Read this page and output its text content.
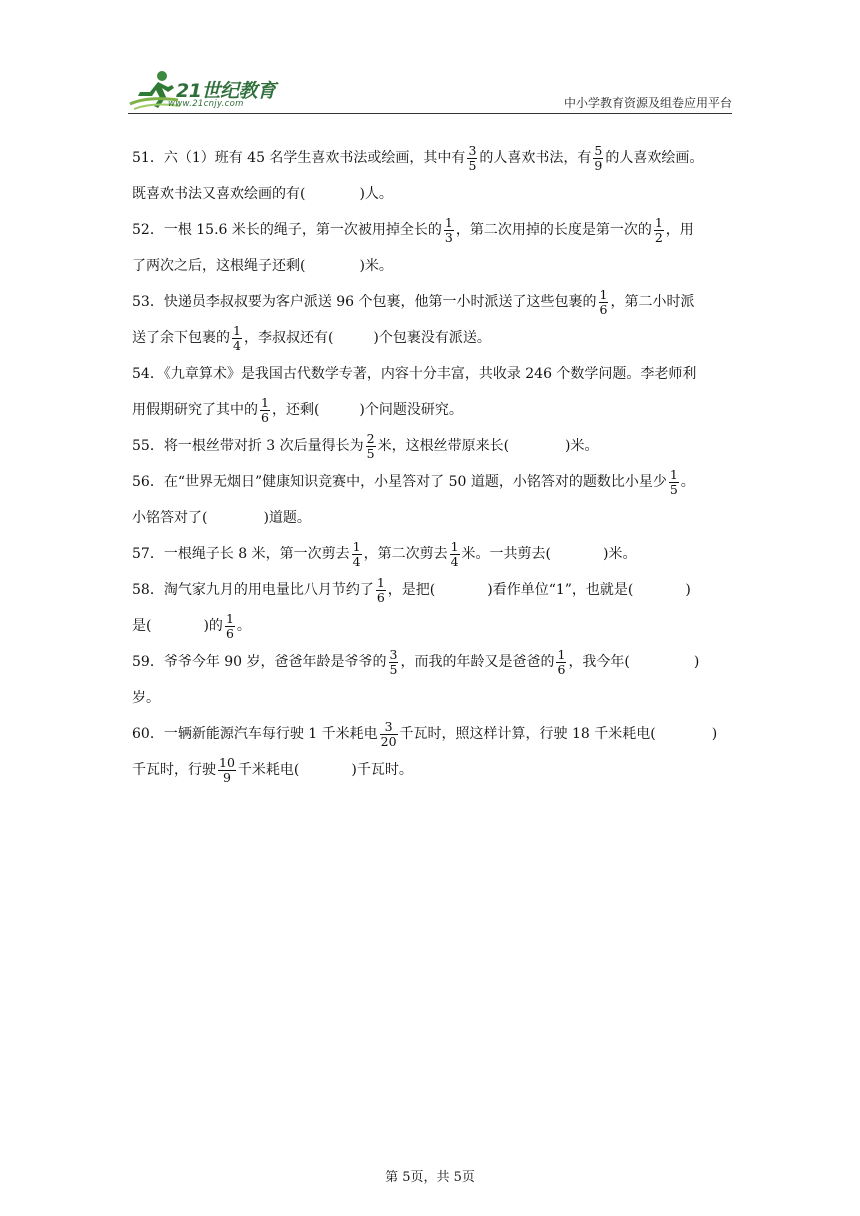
21世纪教育
www.21cnjy.com	中小学教育资源及组卷应用平台
51．六（1）班有 45 名学生喜欢书法或绘画，其中有 $\frac{3}{5}$ 的人喜欢书法，有 $\frac{5}{9}$ 的人喜欢绘画。
既喜欢书法又喜欢绘画的有(	)人。
52．一根 15.6 米长的绳子，第一次被用掉全长的 $\frac{1}{3}$ ，第二次用掉的长度是第一次的 $\frac{1}{2}$ ，用
了两次之后，这根绳子还剩(	)米。
53．快递员李叔叔要为客户派送 96 个包裹，他第一小时派送了这些包裹的 $\frac{1}{6}$ ，第二小时派
送了余下包裹的 $\frac{1}{4}$ ，李叔叔还有(	)个包裹没有派送。
54．《九章算术》是我国古代数学专著，内容十分丰富，共收录 246 个数学问题。李老师利
用假期研究了其中的 $\frac{1}{6}$ ，还剩(	)个问题没研究。
55．将一根丝带对折 3 次后量得长为 $\frac{2}{5}$ 米，这根丝带原来长(	)米。
56．在“世界无烟日”健康知识竞赛中，小星答对了 50 道题，小铭答对的题数比小星少 $\frac{1}{5}$ 。
小铭答对了(	)道题。
57．一根绳子长 8 米，第一次剪去 $\frac{1}{4}$ ，第二次剪去 $\frac{1}{4}$ 米。一共剪去(	)米。
58．淘气家九月的用电量比八月节约了 $\frac{1}{6}$ ，是把(	)看作单位“1”，也就是(	)
是(	)的 $\frac{1}{6}$ 。
59．爷爷今年 90 岁，爸爸年龄是爷爷的 $\frac{3}{5}$ ，而我的年龄又是爸爸的 $\frac{1}{6}$ ，我今年(	)
岁。
60．一辆新能源汽车每行驶 1 千米耗电 $\frac{3}{20}$ 千瓦时，照这样计算，行驶 18 千米耗电(	)
千瓦时，行驶 $\frac{10}{9}$ 千米耗电(	)千瓦时。
第 5页，共 5页
